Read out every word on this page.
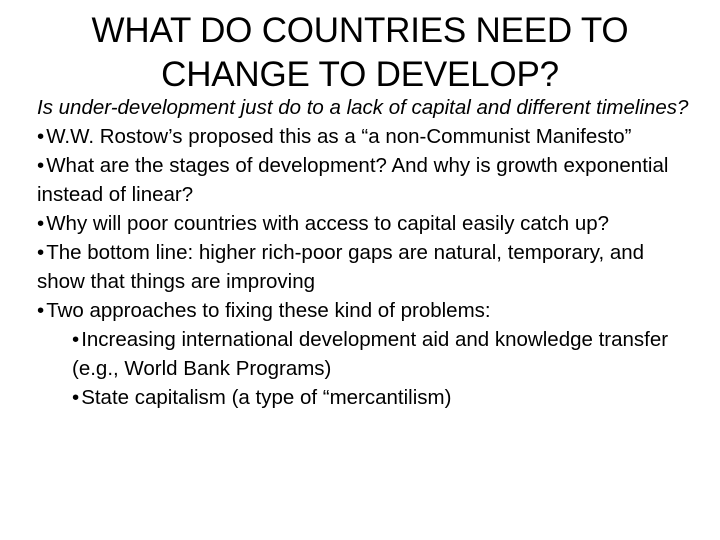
WHAT DO COUNTRIES NEED TO CHANGE TO DEVELOP?

Is under-development just do to a lack of capital and different timelines?

•W.W. Rostow’s proposed this as a “a non-Communist Manifesto”

•What are the stages of development? And why is growth exponential instead of linear?

•Why will poor countries with access to capital easily catch up?

•The bottom line: higher rich-poor gaps are natural, temporary, and show that things are improving

•Two approaches to fixing these kind of problems:

•Increasing international development aid and knowledge transfer (e.g., World Bank Programs)

•State capitalism (a type of “mercantilism)
